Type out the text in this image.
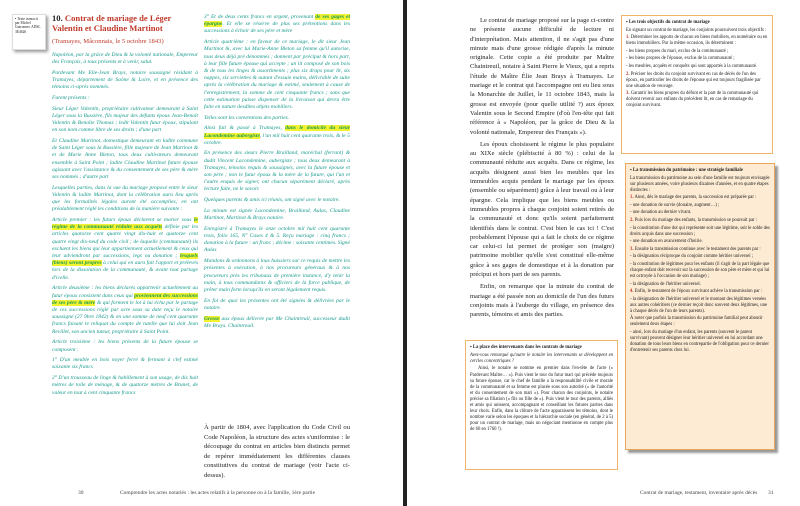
• Texte transcrit par Michel Guironnet. ADSL 3E4626
10. Contrat de mariage de Léger Valentin et Claudine Martinot
(Tramayes, Mâconnais, le 5 octobre 1843)

Napoléon, par la grâce de Dieu & la volonté nationale, Empereur des Français, à tous présents et à venir, salut.

Pardevant Me Elie-Jean Brays, notaire soussigné résidant à Tramayes, département de Saône & Loire, et en présence des témoins ci-après nommés.

Furent présents :

Sieur Léger Valentin, propriétaire cultivateur demeurant à Saint Léger sous la Bussière, fils majeur des défunts époux Jean-Benoît Valentin & Benoîte Thomas ; ledit Valentin futur époux, stipulant en son nom comme libre de ses droits ; d'une part

Et Claudine Martinot, domestique demeurant en ladite commune de Saint Léger sous la Bussière, fille majeure de Jean Martinot & et de Marie Anne Bleton, tous deux cultivateurs demeurant ensemble à Saint Point ; ladite Claudine Martinot future épouse agissant avec l'assistance & du consentement de ses père & mère ses nommés ; d'autre part

Lesquelles parties, dans la vue du mariage proposé entre le sieur Valentin & ladite Martinot, dont la célébration aura lieu après que les formalités légales auront été accomplies, en ont préalablement réglé les conditions de la manière suivante :

Article premier : les futurs époux déclarent se marier sous le régime de la communauté réduite aux acquêts définie par les articles quatorze cent quatre vingt dix-huit et quatorze cent quatre vingt dix-neuf du code civil ; de laquelle (communauté) ils excluent les biens qui leur appartiennent actuellement & ceux qui leur adviendront par successions, legs ou donation ; lesquels (biens) seront propres à celui qui en aura fait l'apport et prélevés lors de la dissolution de la communauté, & avant tout partage d'icelle.

Article deuxième : les biens déclarés appartenir actuellement au futur époux consistent dans ceux qui proviennent des successions de ses père & mère & qui forment le lot à lui échu par le partage de ces successions réglé par acte sous sa date reçu le notaire soussigné (27 9bre 1842) & en une somme de neuf cent quarante francs faisant le reliquat du compte de tutelle que lui doit Jean Revillet, son ancien tuteur, propriétaire à Saint Point.

Article troisième : les biens présents de la future épouse se composent :

1° D'un meuble en bois noyer ferré & fermant à clef estimé soixante six francs

2° D'un trousseau de linge & habillement à son usage, de dix huit mètres de toile de ménage, & de quatorze mètres de Brunet, de valeur en tout à cent cinquante francs

3° Et de deux cents francs en argent, provenant de ses gages et épargne. Et elle se réserve de plus ses prétentions dans les successions à échoir de ses père et mère

Article quatrième : en faveur de ce mariage, le dit sieur Jean Martinot &, avec lui Marie-Anne Bleton sa femme qu'il autorise, tous deux déjà pré dénommés ; donnent par préciput & hors part, à leur fille future épouse qui accepte ; un lit composé de son bois & de tous les linges & assortiments ; plus six draps pour lit, six nappes, six serviettes & autant d'essuie mains, délivrable de suite après la célébration du mariage & estimé, seulement à cause de l'enregistrement, la somme de cent cinquante francs ; sans que cette estimation puisse dispenser de la livraison qui devra être faite en nature desdites objets mobiliers.

Telles sont les conventions des parties.

Ainsi fait & passé à Tramayes, dans le domicile du sieur Lacondemine aubergiste, l'an mil huit cent quarante trois, & le 5 octobre.

En présence des sieurs Pierre Brailland, maréchal (ferrant) & dudit Vincent Lacondemine, aubergiste ; tous deux demeurant à Tramayes, témoins requis & soussignés, avec la future épouse et son père ; non le futur époux & la mère de la future, qui l'un et l'autre enquis de signer, ont chacun séparément déclaré, après lecture faite, ne le savoir.

Quelques parents & amis ici réunis, ont signé avec le notaire.

La minute est signée Lacondemine, Brailland, Aulas, Claudine Martinot, Martinot & Brays notaire.

Enregistré à Tramayes le onze octobre mil huit cent quarante trois, folio 165, N° Cases 4 & 5. Reçu mariage : cinq francs ; donation à la future : un franc ; décime : soixante centimes. Signé Aulas

Mandons & ordonnons à tous huissiers sur ce requis de mettre les présentes à exécution, à nos procureurs généraux & à nos procureurs près les tribunaux de première instance, d'y tenir la main, à tous commandants & officiers de la force publique, de prêter main forte lorsqu'ils en seront légalement requis.

En foi de quoi les présentes ont été signées & délivrées par le notaire.

Grosse aux époux délivrée par Me Chaintreuil, successeur dudit Me Brays. Chaintreuil.

À partir de 1804, avec l'application du Code Civil ou Code Napoléon, la structure des actes s'uniformise : le découpage du contrat en articles bien distincts permet de repérer immédiatement les différentes clauses constitutives du contrat de mariage (voir l'acte ci-dessus).
30	Comprendre les actes notariés : les actes relatifs à la personne ou à la famille, 1ère partie

Le contrat de mariage proposé sur la page ci-contre ne présente aucune difficulté de lecture ni d'interprétation. Mais attention, il ne s'agit pas d'une minute mais d'une grosse rédigée d'après la minute originale. Cette copie a été produite par Maître Chaintreuil, notaire à Saint Pierre le Vieux, qui a repris l'étude de Maître Élie Jean Brays à Tramayes. Le mariage et le contrat qui l'accompagne ont eu lieu sous la Monarchie de Juillet, le 11 octobre 1843, mais la grosse est envoyée (pour quelle utilité ?) aux époux Valentin sous le Second Empire (d'où l'en-tête qui fait référence à « Napoléon, par la grâce de Dieu & la volonté nationale, Empereur des Français »).

Les époux choisissent le régime le plus populaire au XIXe siècle (plébiscité à 80 %) : celui de la communauté réduite aux acquêts. Dans ce régime, les acquêts désignent aussi bien les meubles que les immeubles acquis pendant le mariage par les époux (ensemble ou séparément) grâce à leur travail ou à leur épargne. Cela implique que les biens meubles ou immeubles propres à chaque conjoint soient retirés de la communauté et donc qu'ils soient parfaitement identifiés dans le contrat. C'est bien le cas ici ! C'est probablement l'épouse qui a fait le choix de ce régime car celui-ci lui permet de protéger son (maigre) patrimoine mobilier qu'elle s'est constitué elle-même grâce à ses gages de domestique et à la donation par préciput et hors part de ses parents.

Enfin, on remarque que la minute du contrat de mariage a été passée non au domicile de l'un des futurs conjoints mais à l'auberge du village, en présence des parents, témoins et amis des parties.

▪ Les trois objectifs du contrat de mariage

En signant un contrat de mariage, les conjoints poursuivent trois objectifs :

1. Déterminer les apports de chacun en biens mobiliers, en numéraire ou en biens immobiliers. Par la même occasion, ils déterminent :

- les biens propres du mari, exclus de la communauté ;

- les biens propres de l'épouse, exclus de la communauté ;

- les meubles, acquêts et conquêts qui sont apportés à la communauté.

2. Préciser les droits du conjoint survivant en cas de décès de l'un des époux, en particulier les droits de l'épouse qui est toujours fragilisée par une situation de veuvage.

3. Garantir les biens propres du défunt et la part de la communauté qui doivent revenir aux enfants du précédent lit, en cas de remariage du conjoint survivant.

▪ La transmission du patrimoine : une stratégie familiale

La transmission du patrimoine au sein d'une famille est toujours envisagée sur plusieurs années, voire plusieurs dizaines d'années, et en quatre étapes distinctes :

1. Ainsi, dès le mariage des parents, la succession est préparée par :

- une donation de survie (douaire, augment…) ;

- une donation au dernier vivant.

2. Puis lors du mariage des enfants, la transmission se poursuit par :

- la constitution d'une dot qui représente soit une légitime, soit le solde des droits acquis dans une succession ;

- une donation en avancement d'hoirie.

3. Ensuite la transmission continue avec le testament des parents par :

- la désignation réciproque du conjoint comme héritier universel ;

- la constitution de légitimes pour les enfants (il s'agit de la part légale que chaque enfant doit recevoir sur la succession de son père et mère et qui lui est octroyée à l'occasion de son mariage) ;

- la désignation de l'héritier universel.

4. Enfin, le testament de l'époux survivant achève la transmission par :

- la désignation de l'héritier universel et le montant des légitimes versées aux autres cohéritiers (ce dernier reçoit donc souvent deux légitimes, une à chaque décès de l'un de leurs parents).

À noter que parfois la transmission du patrimoine familial peut aboutir seulement deux étapes :

- ainsi, lors du mariage d'un enfant, les parents (souvent le parent survivant) peuvent désigner leur héritier universel en lui accordant une donation de tous leurs biens en contrepartie de l'obligation pour ce dernier d'entretenir ses parents chez lui.

▪ La place des intervenants dans les contrats de mariage

Avez-vous remarqué qu'outre le notaire les intervenants se développent en cercles concentriques ?

Ainsi, le notaire se nomme en premier dans l'en-tête de l'acte (« Pardevant Maître… »). Puis vient le tour du futur mari qui précède toujours sa future épouse, car le chef de famille a la responsabilité civile et morale de la communauté et sa femme est placée sous son autorité (« de l'autorité et du consentement de son mari »). Pour chacun des conjoints, le notaire précise sa filiation (« fils ou fille de »). Puis vient le tour des parents, alliés et amis qui unissent, accompagnant et conseillant les futures parties dans leur choix. Enfin, dans la clôture de l'acte apparaissent les témoins, dont le nombre varie selon les époques et la hiérarchie sociale (en général, de 2 à 5) pour un contrat de mariage, mais un négociant mentionne en compte plus de 60 en 1760 !).

Contrat de mariage, testament, inventaire après décès 31
